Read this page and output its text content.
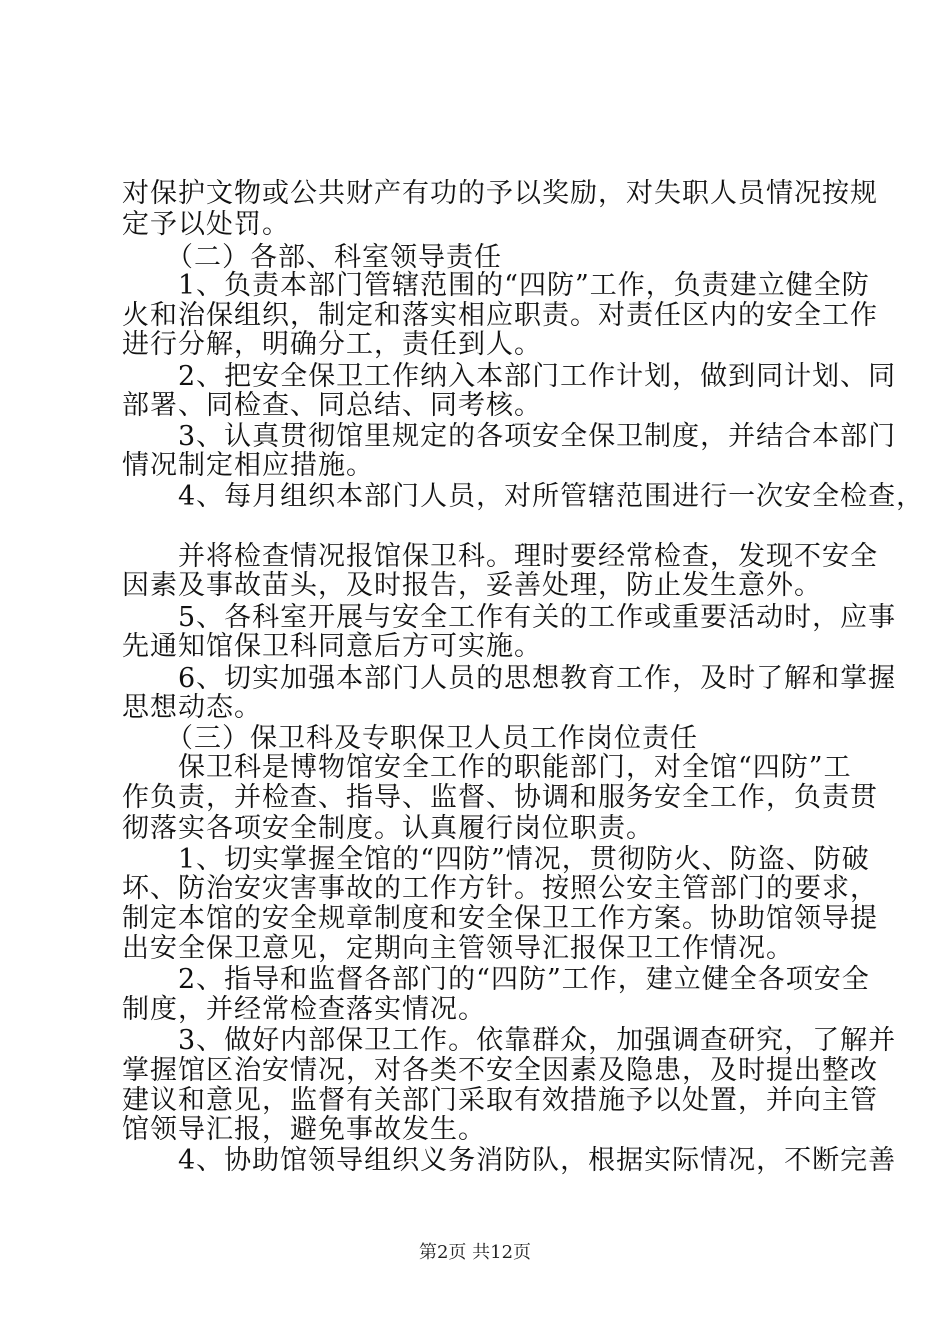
对保护文物或公共财产有功的予以奖励，对失职人员情况按规
定予以处罚。
（二）各部、科室领导责任
1、负责本部门管辖范围的“四防”工作，负责建立健全防
火和治保组织，制定和落实相应职责。对责任区内的安全工作
进行分解，明确分工，责任到人。
2、把安全保卫工作纳入本部门工作计划，做到同计划、同
部署、同检查、同总结、同考核。
3、认真贯彻馆里规定的各项安全保卫制度，并结合本部门
情况制定相应措施。
4、每月组织本部门人员，对所管辖范围进行一次安全检查，
并将检查情况报馆保卫科。理时要经常检查，发现不安全
因素及事故苗头，及时报告，妥善处理，防止发生意外。
5、各科室开展与安全工作有关的工作或重要活动时，应事
先通知馆保卫科同意后方可实施。
6、切实加强本部门人员的思想教育工作，及时了解和掌握
思想动态。
（三）保卫科及专职保卫人员工作岗位责任
保卫科是博物馆安全工作的职能部门，对全馆“四防”工
作负责，并检查、指导、监督、协调和服务安全工作，负责贯
彻落实各项安全制度。认真履行岗位职责。
1、切实掌握全馆的“四防”情况，贯彻防火、防盗、防破
坏、防治安灾害事故的工作方针。按照公安主管部门的要求，
制定本馆的安全规章制度和安全保卫工作方案。协助馆领导提
出安全保卫意见，定期向主管领导汇报保卫工作情况。
2、指导和监督各部门的“四防”工作，建立健全各项安全
制度，并经常检查落实情况。
3、做好内部保卫工作。依靠群众，加强调查研究，了解并
掌握馆区治安情况，对各类不安全因素及隐患，及时提出整改
建议和意见，监督有关部门采取有效措施予以处置，并向主管
馆领导汇报，避免事故发生。
4、协助馆领导组织义务消防队，根据实际情况，不断完善
第2页 共12页
